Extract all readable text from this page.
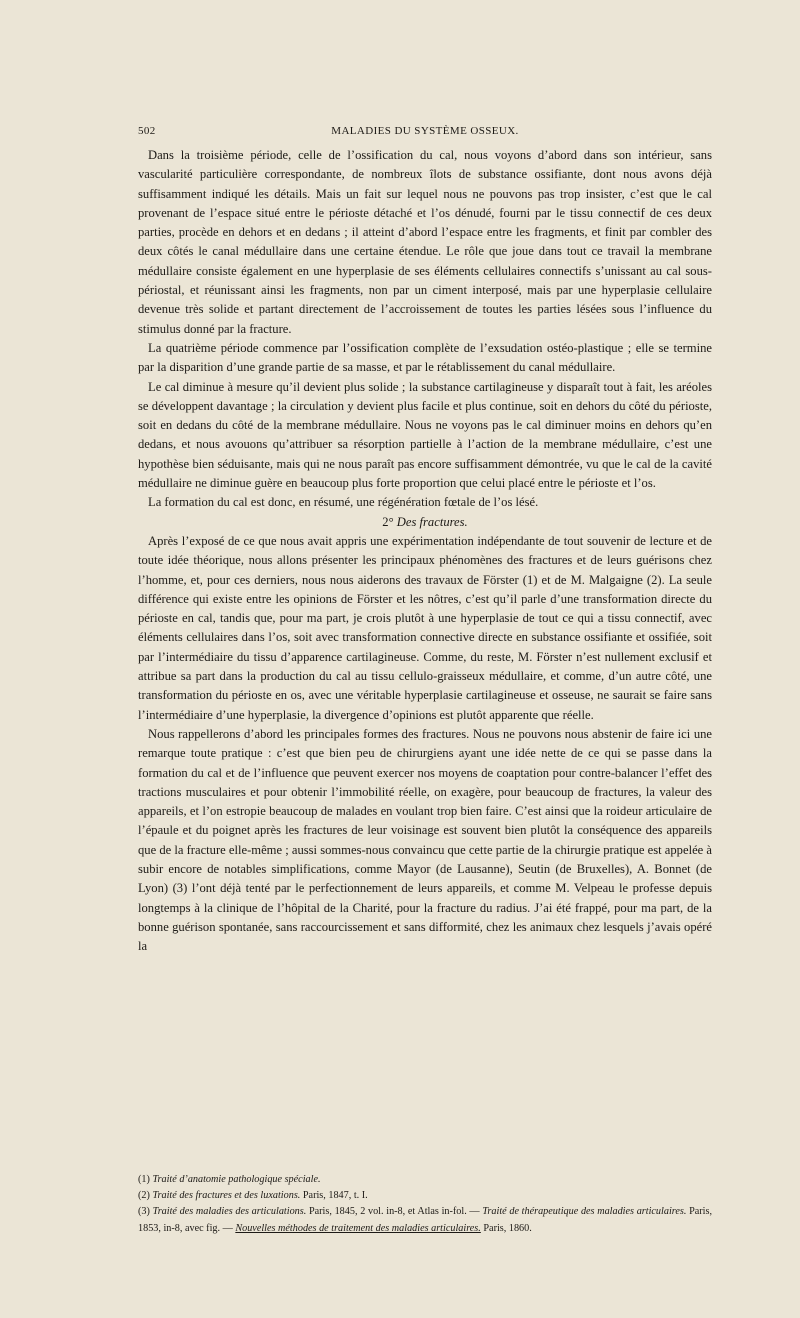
502	MALADIES DU SYSTÈME OSSEUX.

Dans la troisième période, celle de l’ossification du cal, nous voyons d’abord dans son intérieur, sans vascularité particulière correspondante, de nombreux îlots de substance ossifiante, dont nous avons déjà suffisamment indiqué les détails. Mais un fait sur lequel nous ne pouvons pas trop insister, c’est que le cal provenant de l’espace situé entre le périoste détaché et l’os dénudé, fourni par le tissu connectif de ces deux parties, procède en dehors et en dedans ; il atteint d’abord l’espace entre les fragments, et finit par combler des deux côtés le canal médullaire dans une certaine étendue. Le rôle que joue dans tout ce travail la membrane médullaire consiste également en une hyperplasie de ses éléments cellulaires connectifs s’unissant au cal sous-périostal, et réunissant ainsi les fragments, non par un ciment interposé, mais par une hyperplasie cellulaire devenue très solide et partant directement de l’accroissement de toutes les parties lésées sous l’influence du stimulus donné par la fracture.

La quatrième période commence par l’ossification complète de l’exsudation ostéo-plastique ; elle se termine par la disparition d’une grande partie de sa masse, et par le rétablissement du canal médullaire.

Le cal diminue à mesure qu’il devient plus solide ; la substance cartilagineuse y disparaît tout à fait, les aréoles se développent davantage ; la circulation y devient plus facile et plus continue, soit en dehors du côté du périoste, soit en dedans du côté de la membrane médullaire. Nous ne voyons pas le cal diminuer moins en dehors qu’en dedans, et nous avouons qu’attribuer sa résorption partielle à l’action de la membrane médullaire, c’est une hypothèse bien séduisante, mais qui ne nous paraît pas encore suffisamment démontrée, vu que le cal de la cavité médullaire ne diminue guère en beaucoup plus forte proportion que celui placé entre le périoste et l’os.

La formation du cal est donc, en résumé, une régénération fœtale de l’os lésé.

2° Des fractures.

Après l’exposé de ce que nous avait appris une expérimentation indépendante de tout souvenir de lecture et de toute idée théorique, nous allons présenter les principaux phénomènes des fractures et de leurs guérisons chez l’homme, et, pour ces derniers, nous nous aiderons des travaux de Förster (1) et de M. Malgaigne (2). La seule différence qui existe entre les opinions de Förster et les nôtres, c’est qu’il parle d’une transformation directe du périoste en cal, tandis que, pour ma part, je crois plutôt à une hyperplasie de tout ce qui a tissu connectif, avec éléments cellulaires dans l’os, soit avec transformation connective directe en substance ossifiante et ossifiée, soit par l’intermédiaire du tissu d’apparence cartilagineuse. Comme, du reste, M. Förster n’est nullement exclusif et attribue sa part dans la production du cal au tissu cellulo-graisseux médullaire, et comme, d’un autre côté, une transformation du périoste en os, avec une véritable hyperplasie cartilagineuse et osseuse, ne saurait se faire sans l’intermédiaire d’une hyperplasie, la divergence d’opinions est plutôt apparente que réelle.

Nous rappellerons d’abord les principales formes des fractures. Nous ne pouvons nous abstenir de faire ici une remarque toute pratique : c’est que bien peu de chirurgiens ayant une idée nette de ce qui se passe dans la formation du cal et de l’influence que peuvent exercer nos moyens de coaptation pour contre-balancer l’effet des tractions musculaires et pour obtenir l’immobilité réelle, on exagère, pour beaucoup de fractures, la valeur des appareils, et l’on estropie beaucoup de malades en voulant trop bien faire. C’est ainsi que la roideur articulaire de l’épaule et du poignet après les fractures de leur voisinage est souvent bien plutôt la conséquence des appareils que de la fracture elle-même ; aussi sommes-nous convaincu que cette partie de la chirurgie pratique est appelée à subir encore de notables simplifications, comme Mayor (de Lausanne), Seutin (de Bruxelles), A. Bonnet (de Lyon) (3) l’ont déjà tenté par le perfectionnement de leurs appareils, et comme M. Velpeau le professe depuis longtemps à la clinique de l’hôpital de la Charité, pour la fracture du radius. J’ai été frappé, pour ma part, de la bonne guérison spontanée, sans raccourcissement et sans difformité, chez les animaux chez lesquels j’avais opéré la

(1) Traité d’anatomie pathologique spéciale.

(2) Traité des fractures et des luxations. Paris, 1847, t. I.

(3) Traité des maladies des articulations. Paris, 1845, 2 vol. in-8, et Atlas in-fol. — Traité de thérapeutique des maladies articulaires. Paris, 1853, in-8, avec fig. — Nouvelles méthodes de traitement des maladies articulaires. Paris, 1860.
